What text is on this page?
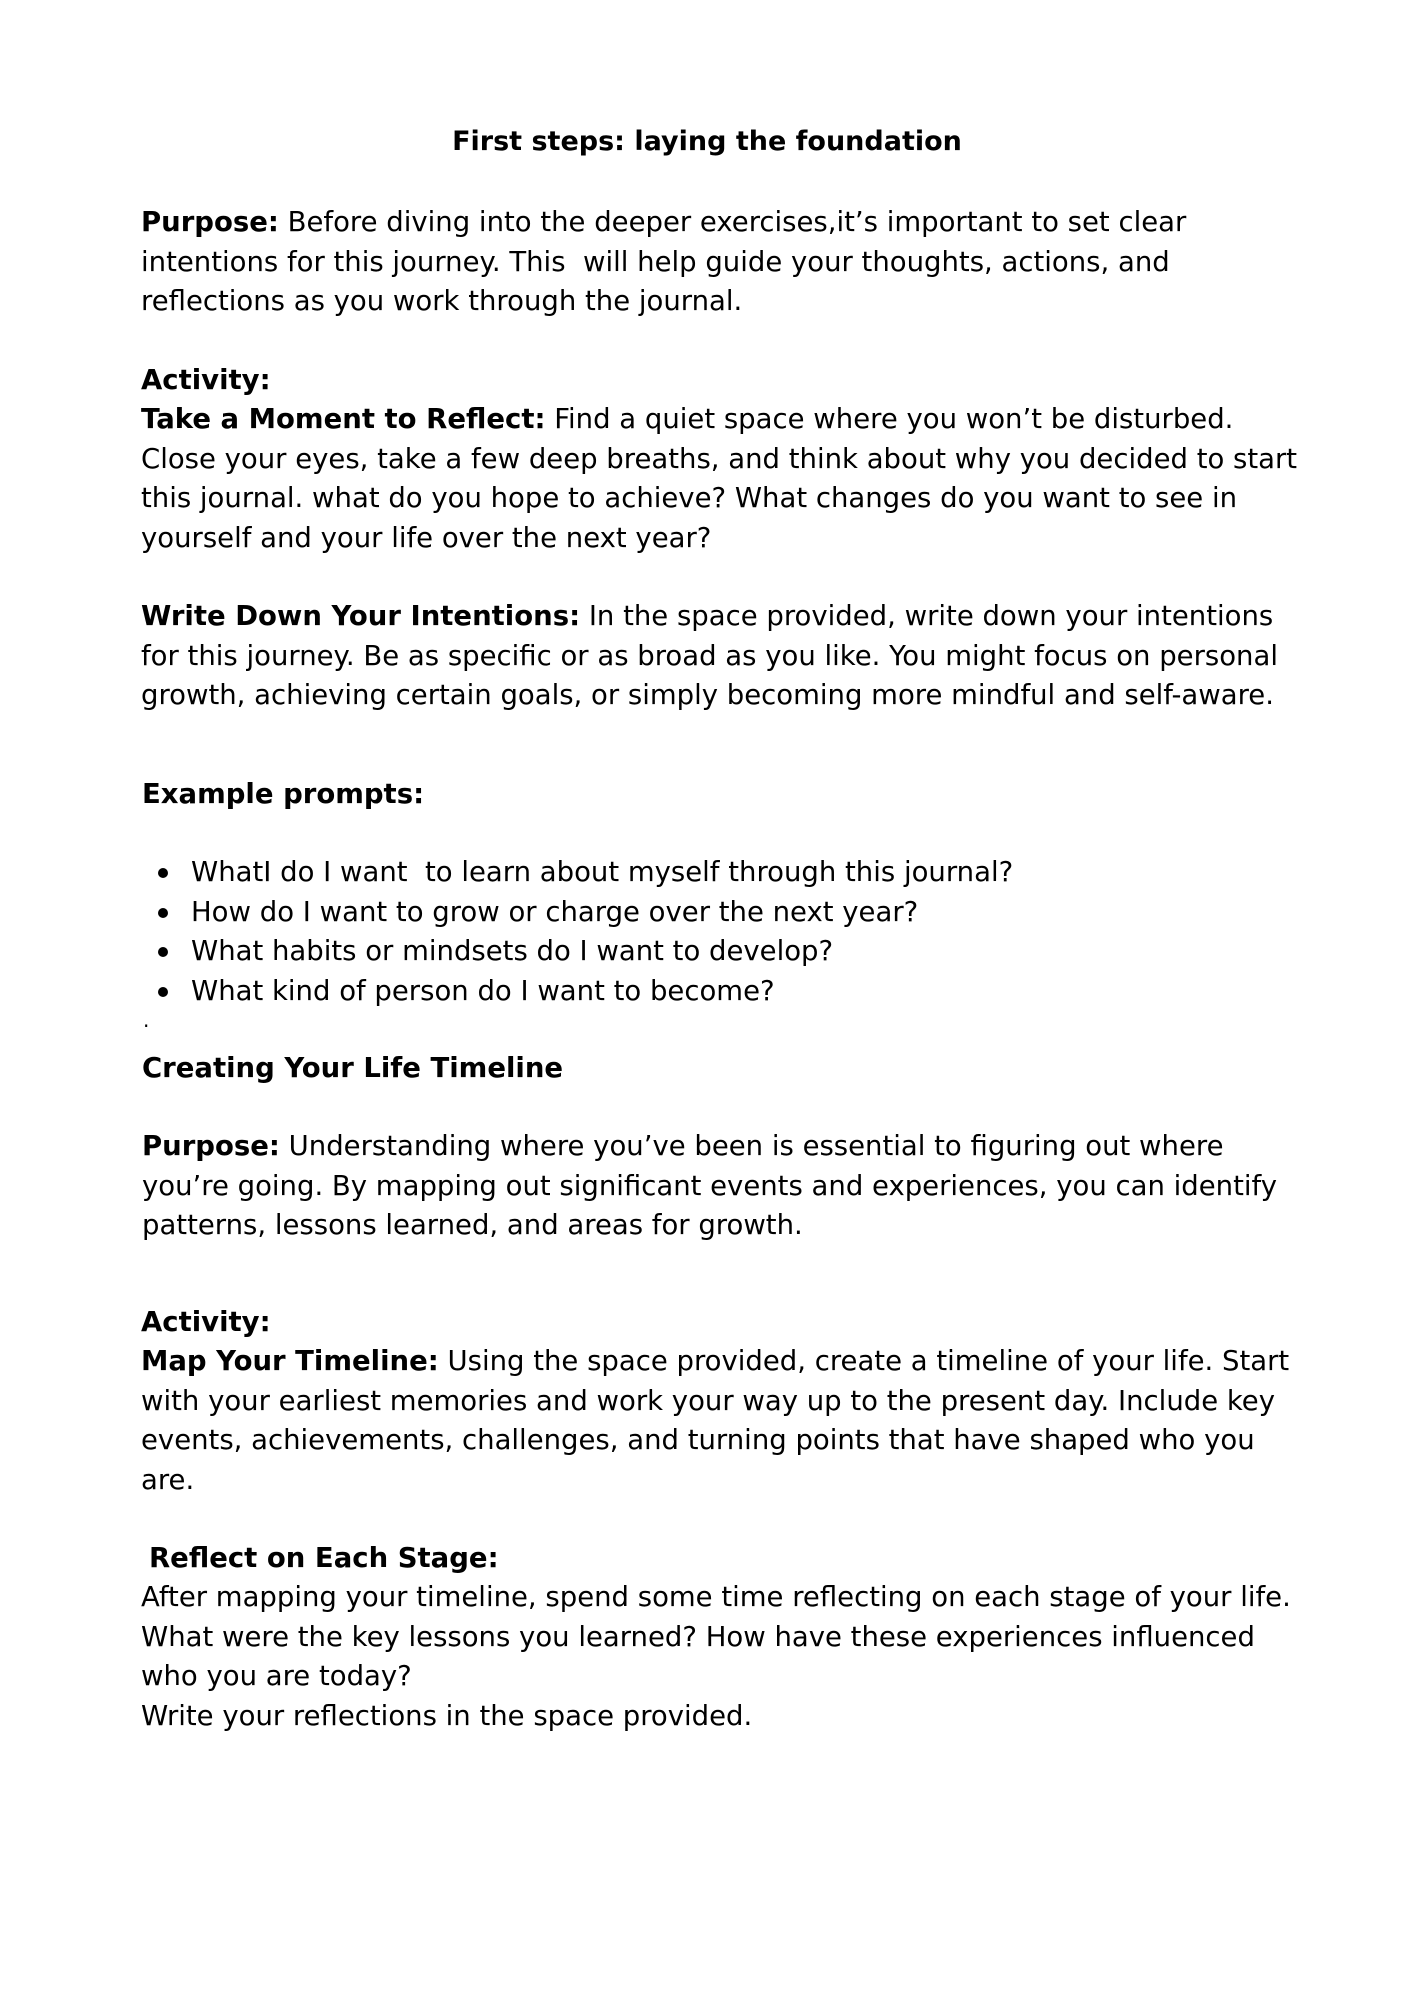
First steps: laying the foundation

Purpose: Before diving into the deeper exercises,it’s important to set clear intentions for this journey. This  will help guide your thoughts, actions, and reflections as you work through the journal.

Activity:

Take a Moment to Reflect: Find a quiet space where you won’t be disturbed. Close your eyes, take a few deep breaths, and think about why you decided to start this journal. what do you hope to achieve? What changes do you want to see in yourself and your life over the next year?

Write Down Your Intentions: In the space provided, write down your intentions for this journey. Be as specific or as broad as you like. You might focus on personal growth, achieving certain goals, or simply becoming more mindful and self-aware.

Example prompts:

WhatI do I want  to learn about myself through this journal?
How do I want to grow or charge over the next year?
What habits or mindsets do I want to develop?
What kind of person do I want to become?
.

Creating Your Life Timeline

Purpose: Understanding where you’ve been is essential to figuring out where you’re going. By mapping out significant events and experiences, you can identify patterns, lessons learned, and areas for growth.

Activity:

Map Your Timeline: Using the space provided, create a timeline of your life. Start with your earliest memories and work your way up to the present day. Include key events, achievements, challenges, and turning points that have shaped who you are.

Reflect on Each Stage:

After mapping your timeline, spend some time reflecting on each stage of your life. What were the key lessons you learned? How have these experiences influenced who you are today?

Write your reflections in the space provided.
